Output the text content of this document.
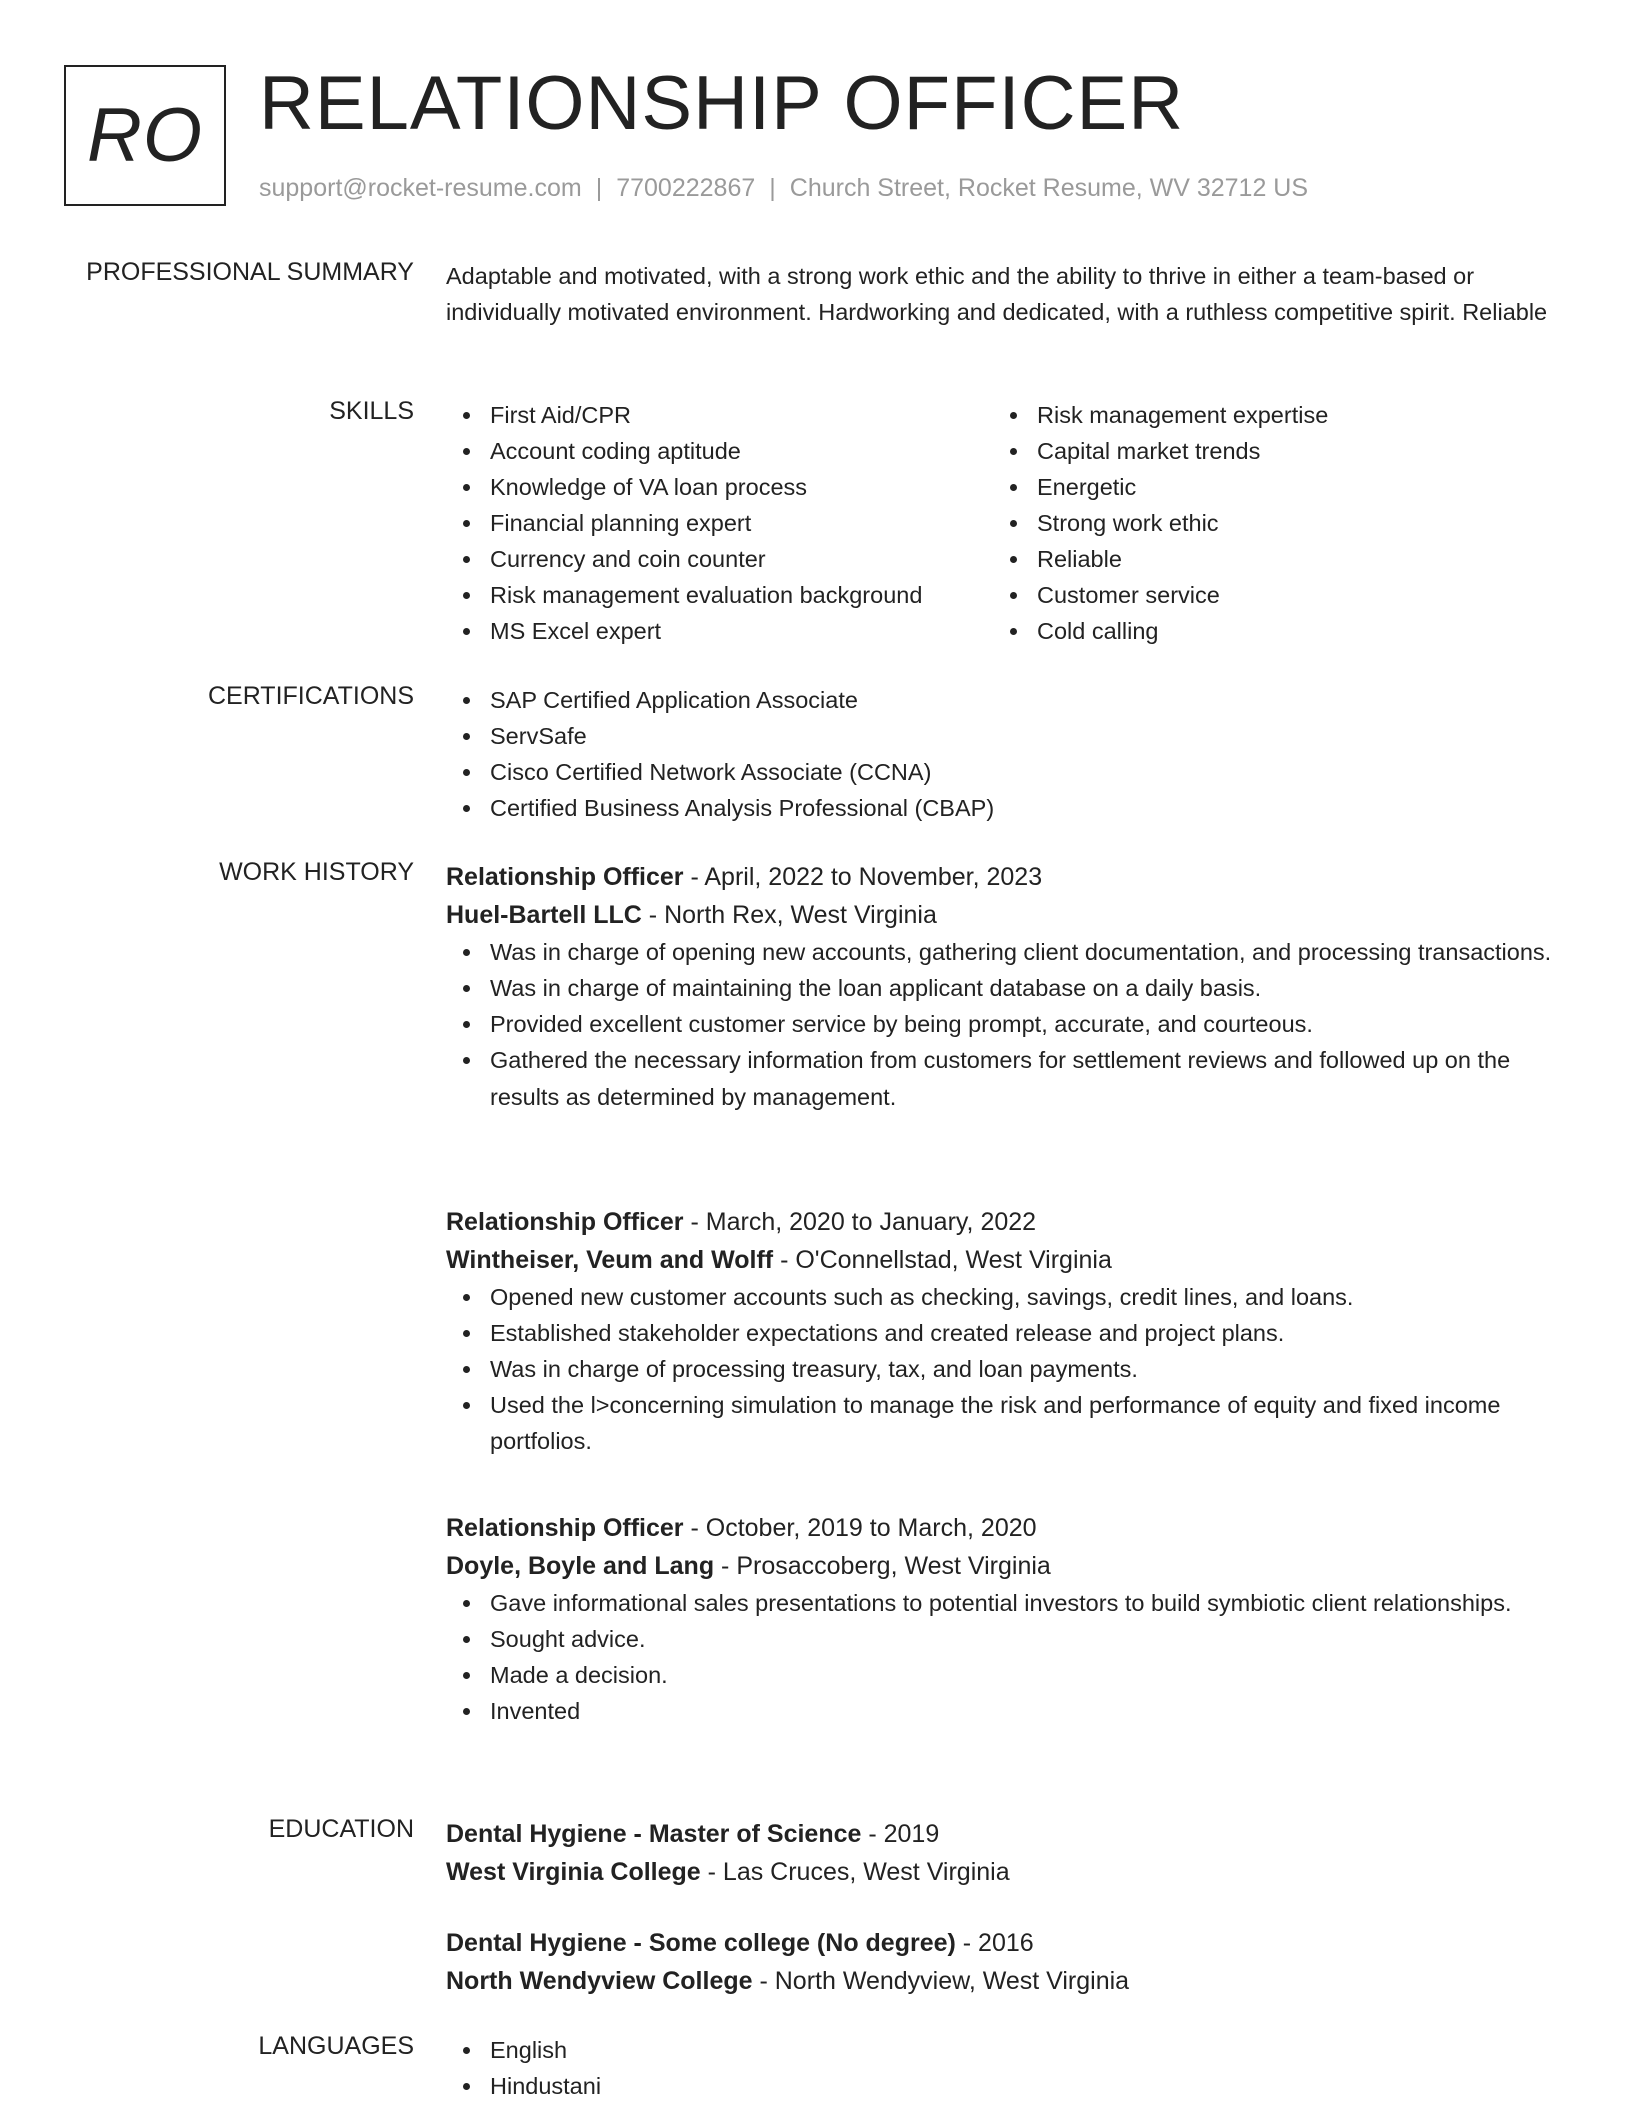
RO RELATIONSHIP OFFICER
support@rocket-resume.com | 7700222867 | Church Street, Rocket Resume, WV 32712 US
PROFESSIONAL SUMMARY Adaptable and motivated, with a strong work ethic and the ability to thrive in either a team-based or individually motivated environment. Hardworking and dedicated, with a ruthless competitive spirit. Reliable

SKILLS	First Aid/CPR
Account coding aptitude
Knowledge of VA loan process
Financial planning expert
Currency and coin counter
Risk management evaluation background
MS Excel expert
Risk management expertise
Capital market trends
Energetic
Strong work ethic
Reliable
Customer service
Cold calling
CERTIFICATIONS	SAP Certified Application Associate
ServSafe
Cisco Certified Network Associate (CCNA)
Certified Business Analysis Professional (CBAP)
WORK HISTORY Relationship Officer - April, 2022 to November, 2023
Huel-Bartell LLC - North Rex, West Virginia
Was in charge of opening new accounts, gathering client documentation, and processing transactions.
Was in charge of maintaining the loan applicant database on a daily basis.
Provided excellent customer service by being prompt, accurate, and courteous.
Gathered the necessary information from customers for settlement reviews and followed up on the results as determined by management.
Relationship Officer - March, 2020 to January, 2022
Wintheiser, Veum and Wolff - O'Connellstad, West Virginia
Opened new customer accounts such as checking, savings, credit lines, and loans.
Established stakeholder expectations and created release and project plans.
Was in charge of processing treasury, tax, and loan payments.
Used the l>concerning simulation to manage the risk and performance of equity and fixed income portfolios.
Relationship Officer - October, 2019 to March, 2020
Doyle, Boyle and Lang - Prosaccoberg, West Virginia
Gave informational sales presentations to potential investors to build symbiotic client relationships.
Sought advice.
Made a decision.
Invented
EDUCATION Dental Hygiene - Master of Science - 2019
West Virginia College - Las Cruces, West Virginia
Dental Hygiene - Some college (No degree) - 2016
North Wendyview College - North Wendyview, West Virginia
LANGUAGES	English
Hindustani
